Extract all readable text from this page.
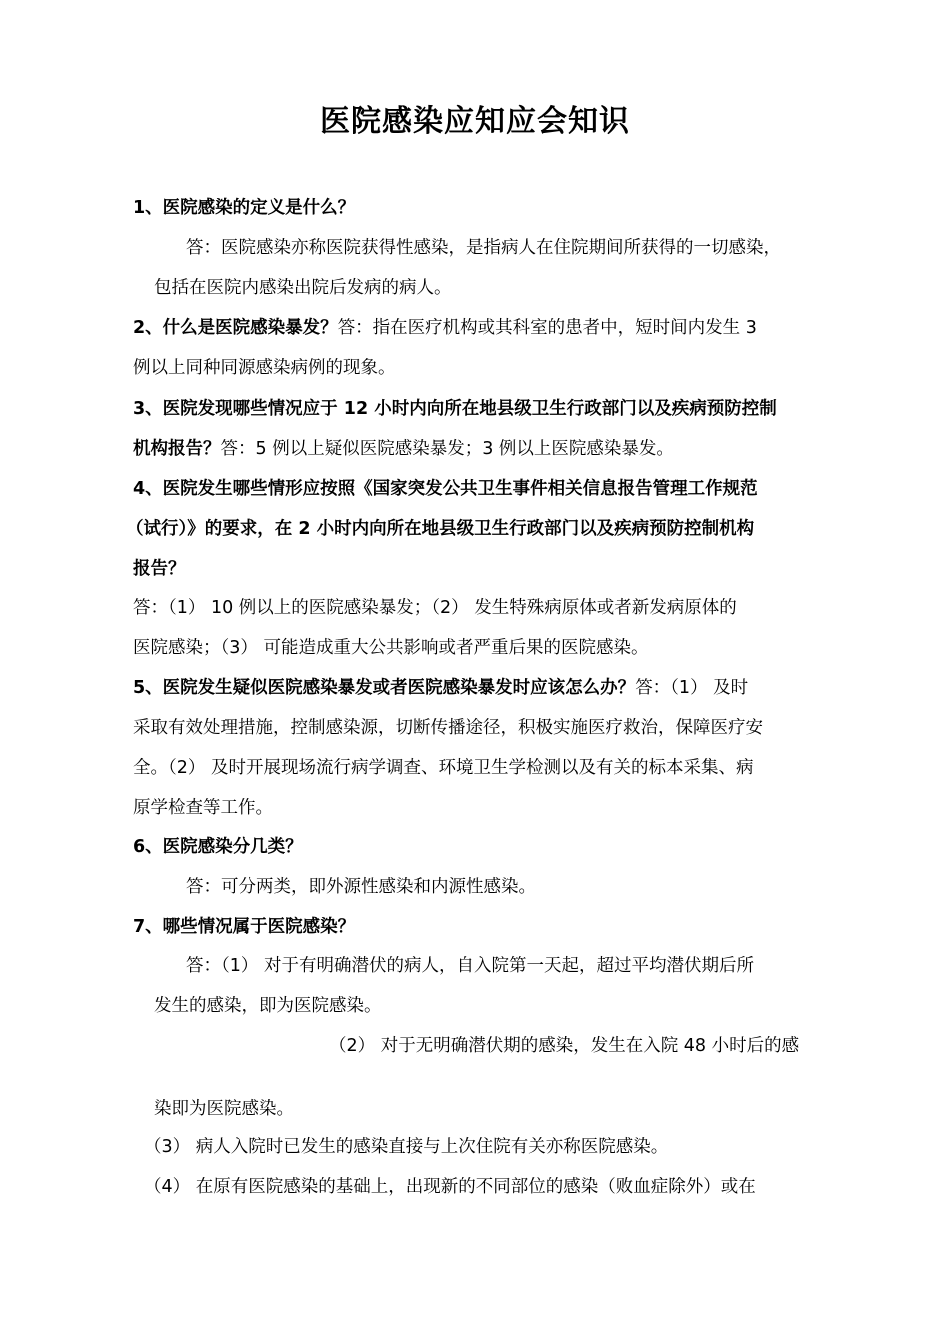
医院感染应知应会知识
1、医院感染的定义是什么？
答：医院感染亦称医院获得性感染，是指病人在住院期间所获得的一切感染，
包括在医院内感染出院后发病的病人。
2、什么是医院感染暴发？答：指在医疗机构或其科室的患者中，短时间内发生 3
例以上同种同源感染病例的现象。
3、医院发现哪些情况应于 12 小时内向所在地县级卫生行政部门以及疾病预防控制
机构报告？答：5 例以上疑似医院感染暴发；3 例以上医院感染暴发。
4、医院发生哪些情形应按照《国家突发公共卫生事件相关信息报告管理工作规范
（试行）》的要求，在 2 小时内向所在地县级卫生行政部门以及疾病预防控制机构
报告？
答：（1） 10 例以上的医院感染暴发；（2） 发生特殊病原体或者新发病原体的
医院感染；（3） 可能造成重大公共影响或者严重后果的医院感染。
5、医院发生疑似医院感染暴发或者医院感染暴发时应该怎么办？答：（1） 及时
采取有效处理措施，控制感染源，切断传播途径，积极实施医疗救治，保障医疗安
全。（2） 及时开展现场流行病学调查、环境卫生学检测以及有关的标本采集、病
原学检查等工作。
6、医院感染分几类？
答：可分两类，即外源性感染和内源性感染。
7、哪些情况属于医院感染？
答：（1） 对于有明确潜伏的病人，自入院第一天起，超过平均潜伏期后所
发生的感染，即为医院感染。
（2） 对于无明确潜伏期的感染，发生在入院 48 小时后的感
染即为医院感染。
（3） 病人入院时已发生的感染直接与上次住院有关亦称医院感染。
（4） 在原有医院感染的基础上，出现新的不同部位的感染（败血症除外）或在
